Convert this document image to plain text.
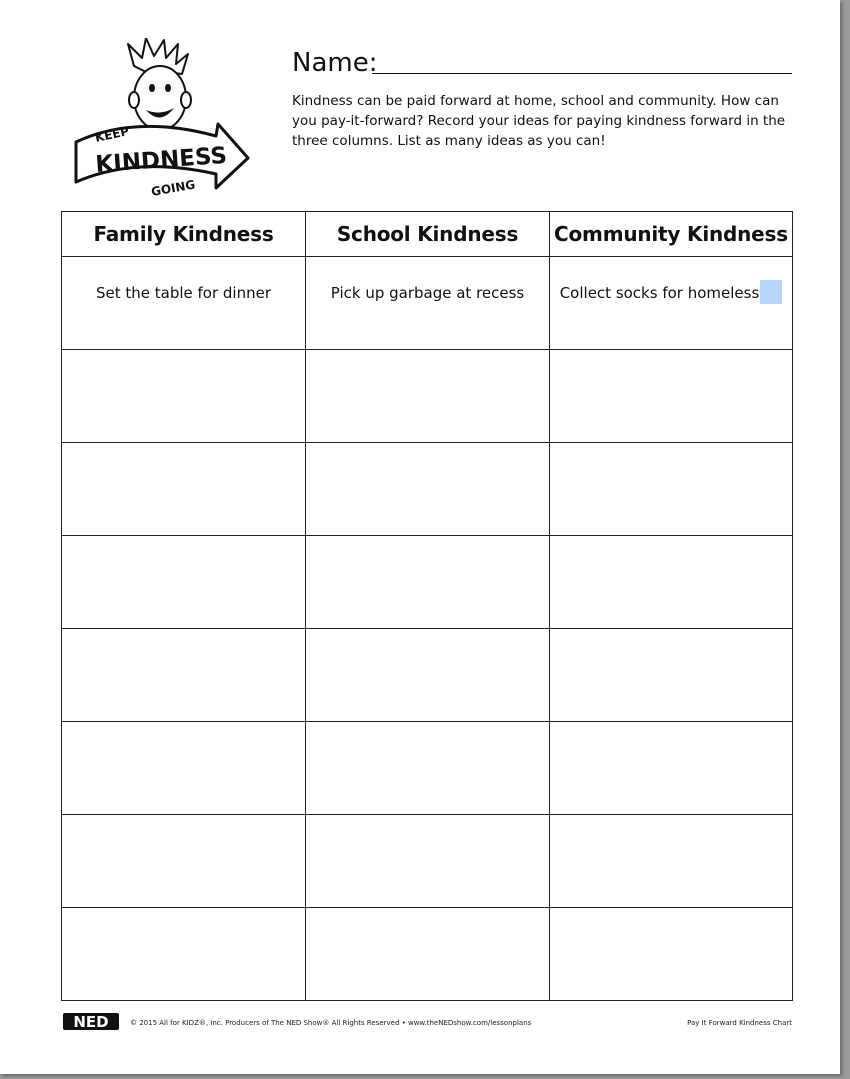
KEEP
KINDNESS
GOING
Name:
Kindness can be paid forward at home, school and community. How can you pay-it-forward? Record your ideas for paying kindness forward in the three columns. List as many ideas as you can!
Family Kindness	School Kindness	Community Kindness
Set the table for dinner	Pick up garbage at recess	Collect socks for homeless

NED	© 2015 All for KIDZ®, Inc. Producers of The NED Show® All Rights Reserved • www.theNEDshow.com/lessonplans	Pay It Forward Kindness Chart
